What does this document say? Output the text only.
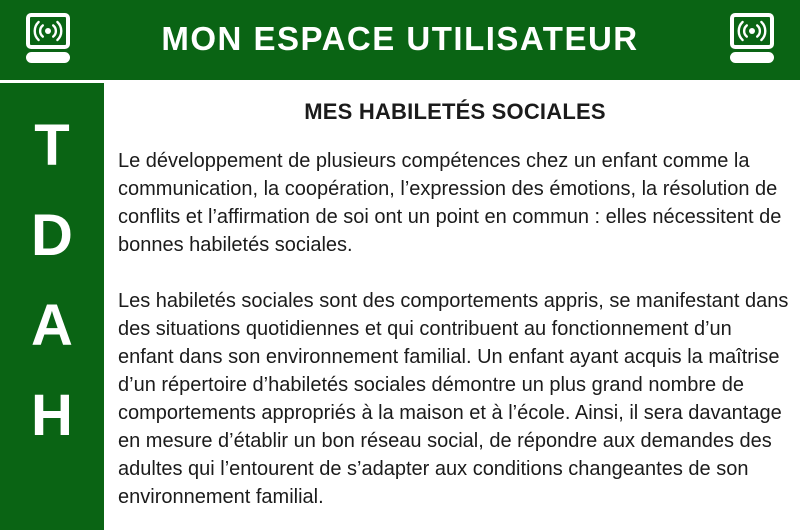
MON ESPACE UTILISATEUR
T
D
A
H
MES HABILETÉS SOCIALES

Le développement de plusieurs compétences chez un enfant comme la communication, la coopération, l’expression des émotions, la résolution de conflits et l’affirmation de soi ont un point en commun : elles nécessitent de bonnes habiletés sociales.

Les habiletés sociales sont des comportements appris, se manifestant dans des situations quotidiennes et qui contribuent au fonctionnement d’un enfant dans son environnement familial. Un enfant ayant acquis la maîtrise d’un répertoire d’habiletés sociales démontre un plus grand nombre de comportements appropriés à la maison et à l’école. Ainsi, il sera davantage en mesure d’établir un bon réseau social, de répondre aux demandes des adultes qui l’entourent de s’adapter aux conditions changeantes de son environnement familial.
